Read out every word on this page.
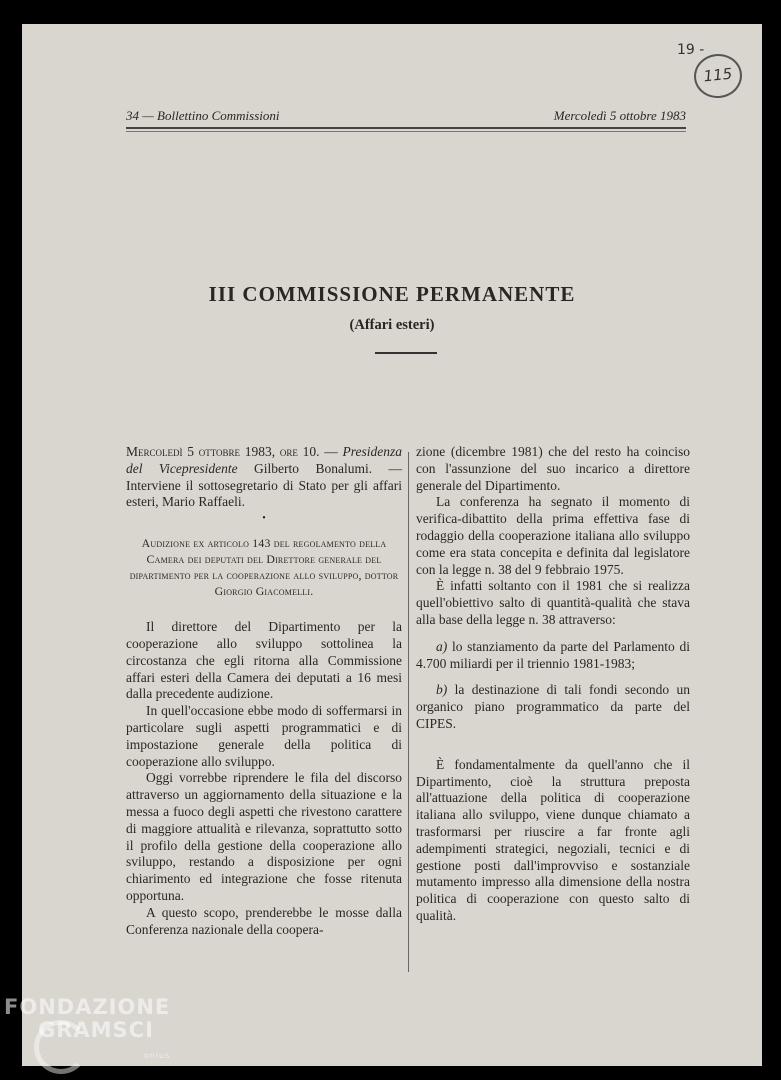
19 -
115
34 — Bollettino Commissioni	Mercoledì 5 ottobre 1983
III COMMISSIONE PERMANENTE
(Affari esteri)

Mercoledì 5 ottobre 1983, ore 10. — Presidenza del Vicepresidente Gilberto Bonalumi. — Interviene il sottosegretario di Stato per gli affari esteri, Mario Raffaeli.

•

Audizione ex articolo 143 del regolamento della Camera dei deputati del Direttore generale del dipartimento per la cooperazione allo sviluppo, dottor Giorgio Giacomelli.

Il direttore del Dipartimento per la cooperazione allo sviluppo sottolinea la circostanza che egli ritorna alla Commissione affari esteri della Camera dei deputati a 16 mesi dalla precedente audizione.

In quell'occasione ebbe modo di soffermarsi in particolare sugli aspetti programmatici e di impostazione generale della politica di cooperazione allo sviluppo.

Oggi vorrebbe riprendere le fila del discorso attraverso un aggiornamento della situazione e la messa a fuoco degli aspetti che rivestono carattere di maggiore attualità e rilevanza, soprattutto sotto il profilo della gestione della cooperazione allo sviluppo, restando a disposizione per ogni chiarimento ed integrazione che fosse ritenuta opportuna.

A questo scopo, prenderebbe le mosse dalla Conferenza nazionale della coopera-

zione (dicembre 1981) che del resto ha coinciso con l'assunzione del suo incarico a direttore generale del Dipartimento.

La conferenza ha segnato il momento di verifica-dibattito della prima effettiva fase di rodaggio della cooperazione italiana allo sviluppo come era stata concepita e definita dal legislatore con la legge n. 38 del 9 febbraio 1975.

È infatti soltanto con il 1981 che si realizza quell'obiettivo salto di quantità-qualità che stava alla base della legge n. 38 attraverso:

a) lo stanziamento da parte del Parlamento di 4.700 miliardi per il triennio 1981-1983;

b) la destinazione di tali fondi secondo un organico piano programmatico da parte del CIPES.

È fondamentalmente da quell'anno che il Dipartimento, cioè la struttura preposta all'attuazione della politica di cooperazione italiana allo sviluppo, viene dunque chiamato a trasformarsi per riuscire a far fronte agli adempimenti strategici, negoziali, tecnici e di gestione posti dall'improvviso e sostanziale mutamento impresso alla dimensione della nostra politica di cooperazione con questo salto di qualità.

FONDAZIONE
GRAMSCI
onlus
